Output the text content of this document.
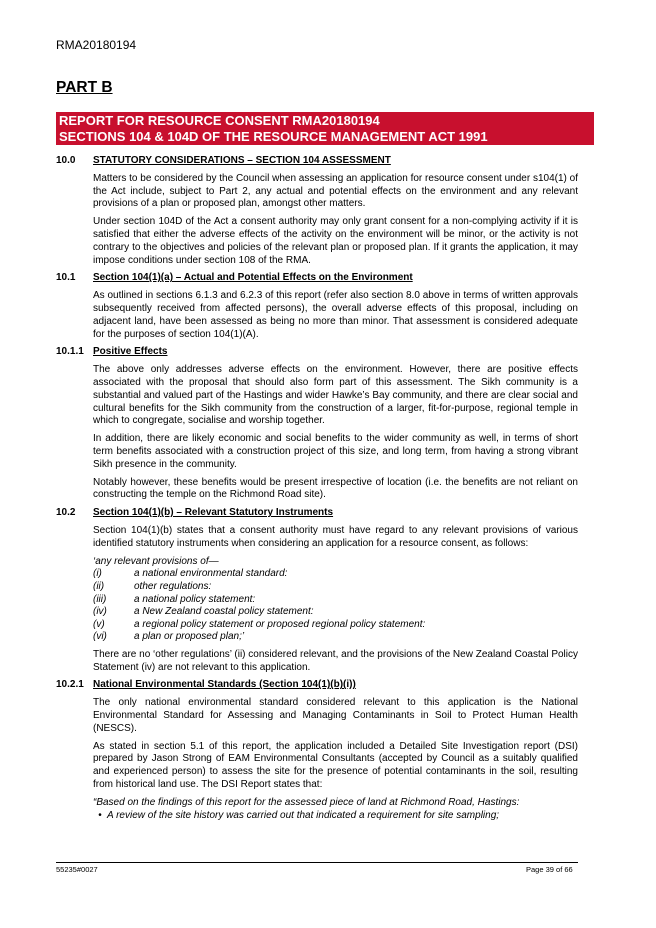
RMA20180194
PART B
REPORT FOR RESOURCE CONSENT RMA20180194
SECTIONS 104 & 104D OF THE RESOURCE MANAGEMENT ACT 1991
10.0	STATUTORY CONSIDERATIONS – SECTION 104 ASSESSMENT

Matters to be considered by the Council when assessing an application for resource consent under s104(1) of the Act include, subject to Part 2, any actual and potential effects on the environment and any relevant provisions of a plan or proposed plan, amongst other matters.

Under section 104D of the Act a consent authority may only grant consent for a non-complying activity if it is satisfied that either the adverse effects of the activity on the environment will be minor, or the activity is not contrary to the objectives and policies of the relevant plan or proposed plan. If it grants the application, it may impose conditions under section 108 of the RMA.

10.1	Section 104(1)(a) – Actual and Potential Effects on the Environment

As outlined in sections 6.1.3 and 6.2.3 of this report (refer also section 8.0 above in terms of written approvals subsequently received from affected persons), the overall adverse effects of this proposal, including on adjacent land, have been assessed as being no more than minor. That assessment is considered adequate for the purposes of section 104(1)(A).

10.1.1 Positive Effects

The above only addresses adverse effects on the environment. However, there are positive effects associated with the proposal that should also form part of this assessment. The Sikh community is a substantial and valued part of the Hastings and wider Hawke’s Bay community, and there are clear social and cultural benefits for the Sikh community from the construction of a larger, fit-for-purpose, regional temple in which to congregate, socialise and worship together.

In addition, there are likely economic and social benefits to the wider community as well, in terms of short term benefits associated with a construction project of this size, and long term, from having a strong vibrant Sikh presence in the community.

Notably however, these benefits would be present irrespective of location (i.e. the benefits are not reliant on constructing the temple on the Richmond Road site).

10.2	Section 104(1)(b) – Relevant Statutory Instruments

Section 104(1)(b) states that a consent authority must have regard to any relevant provisions of various identified statutory instruments when considering an application for a resource consent, as follows:

‘any relevant provisions of—
(i)	a national environmental standard:
(ii)	other regulations:
(iii)	a national policy statement:
(iv)	a New Zealand coastal policy statement:
(v)	a regional policy statement or proposed regional policy statement:
(vi)	a plan or proposed plan;’

There are no ‘other regulations’ (ii) considered relevant, and the provisions of the New Zealand Coastal Policy Statement (iv) are not relevant to this application.

10.2.1 National Environmental Standards (Section 104(1)(b)(i))

The only national environmental standard considered relevant to this application is the National Environmental Standard for Assessing and Managing Contaminants in Soil to Protect Human Health (NESCS).

As stated in section 5.1 of this report, the application included a Detailed Site Investigation report (DSI) prepared by Jason Strong of EAM Environmental Consultants (accepted by Council as a suitably qualified and experienced person) to assess the site for the presence of potential contaminants in the soil, resulting from historical land use. The DSI Report states that:

“Based on the findings of this report for the assessed piece of land at Richmond Road, Hastings:

• A review of the site history was carried out that indicated a requirement for site sampling;
55235#0027	Page 39 of 66
